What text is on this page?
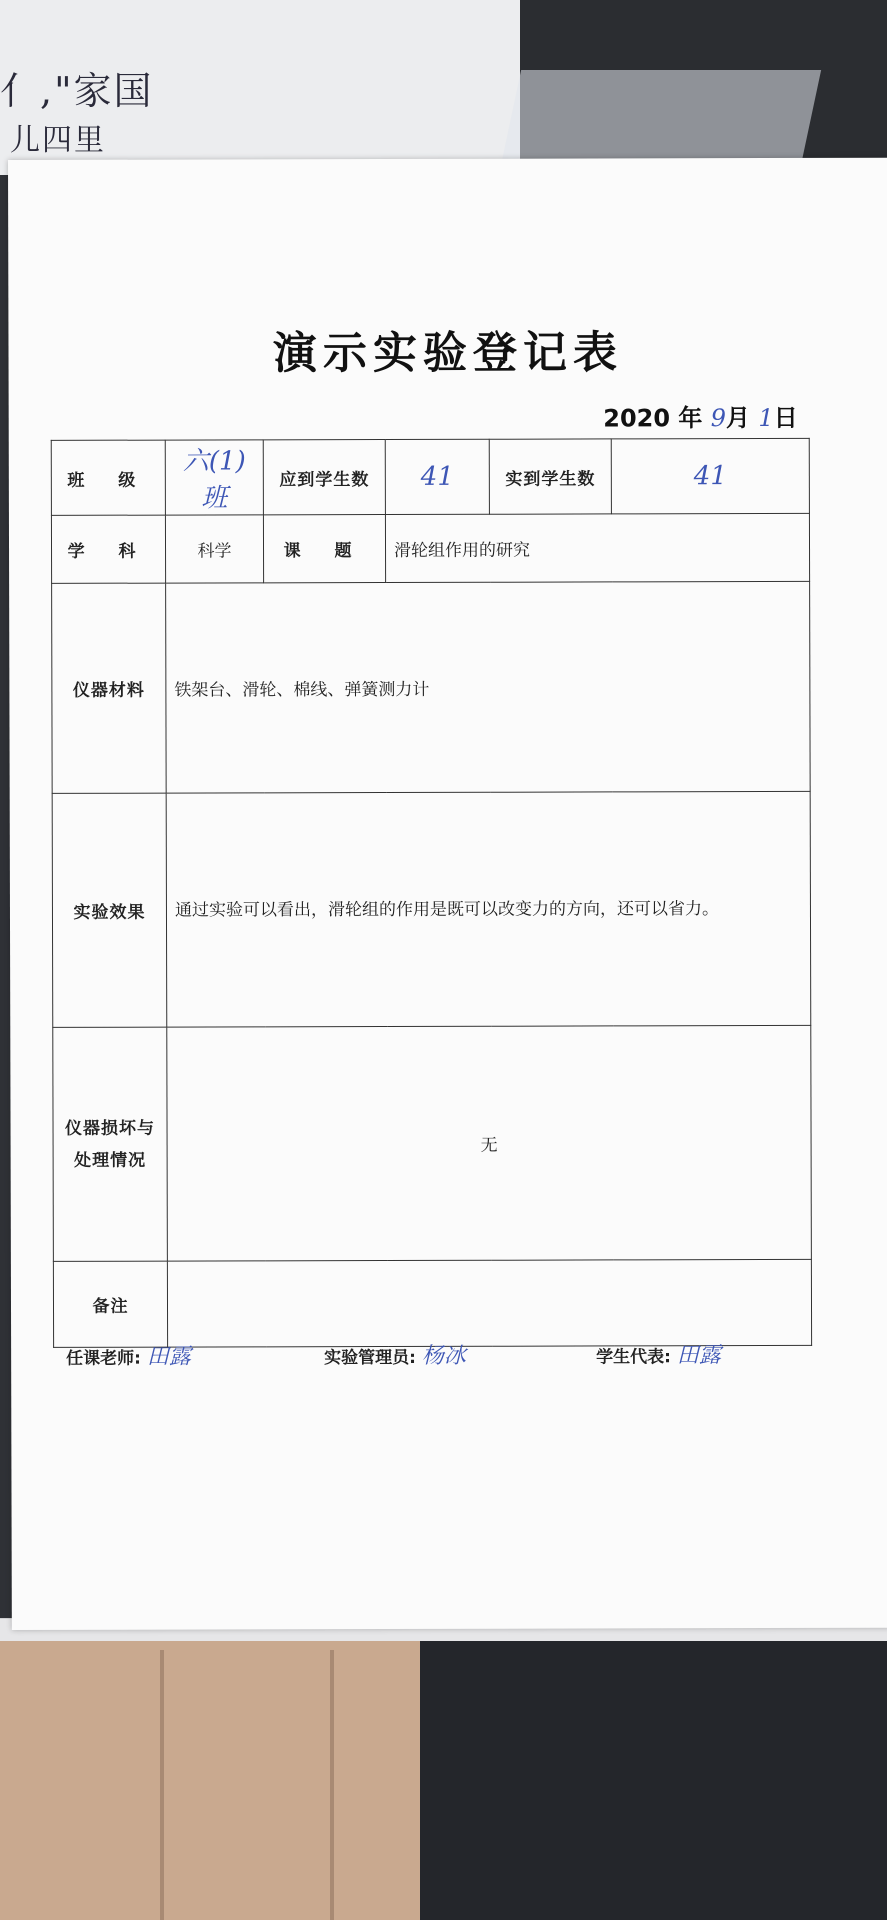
亻,"家国
儿四里
演示实验登记表
2020 年 9月 1日
班 级	六(1)班	应到学生数	41	实到学生数	41
学 科	科学	课 题	滑轮组作用的研究		
仪器材料	铁架台、滑轮、棉线、弹簧测力计				
实验效果	通过实验可以看出，滑轮组的作用是既可以改变力的方向，还可以省力。				
仪器损坏与
处理情况	无				
备注					
任课老师: 田露	实验管理员: 杨冰	学生代表: 田露
